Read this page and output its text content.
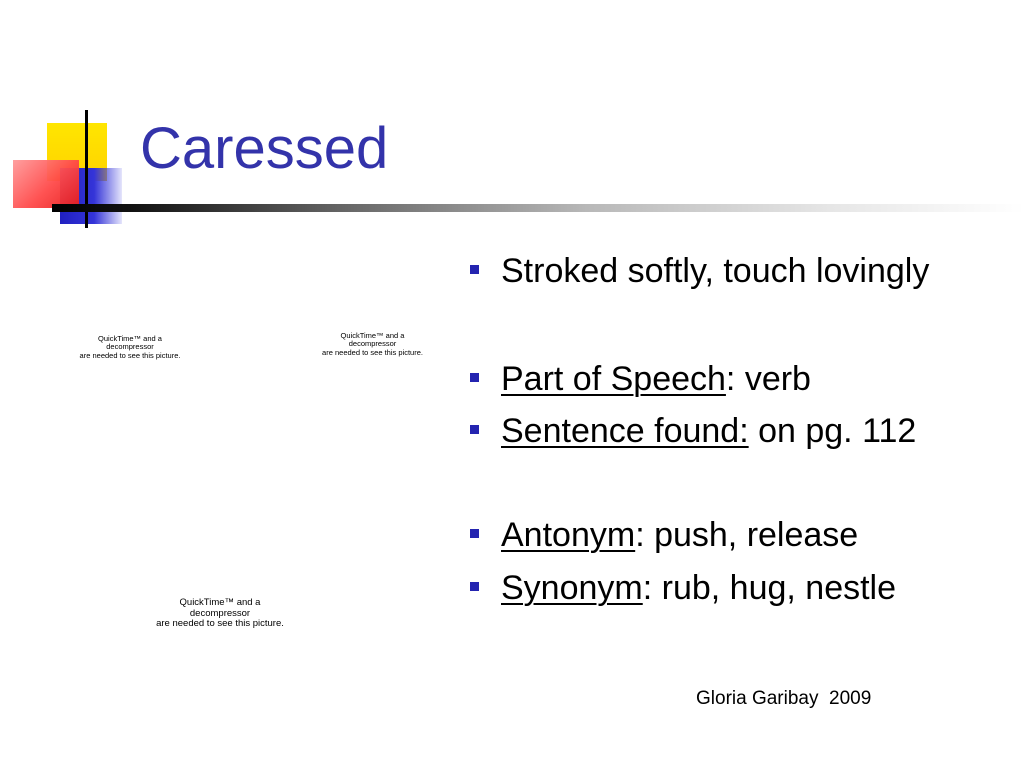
Caressed
QuickTime™ and a
decompressor
are needed to see this picture.
QuickTime™ and a
decompressor
are needed to see this picture.
QuickTime™ and a
decompressor
are needed to see this picture.
Stroked softly, touch lovingly
Part of Speech : verb
Sentence found: on pg. 112
Antonym : push, release
Synonym : rub, hug, nestle
Gloria Garibay  2009
